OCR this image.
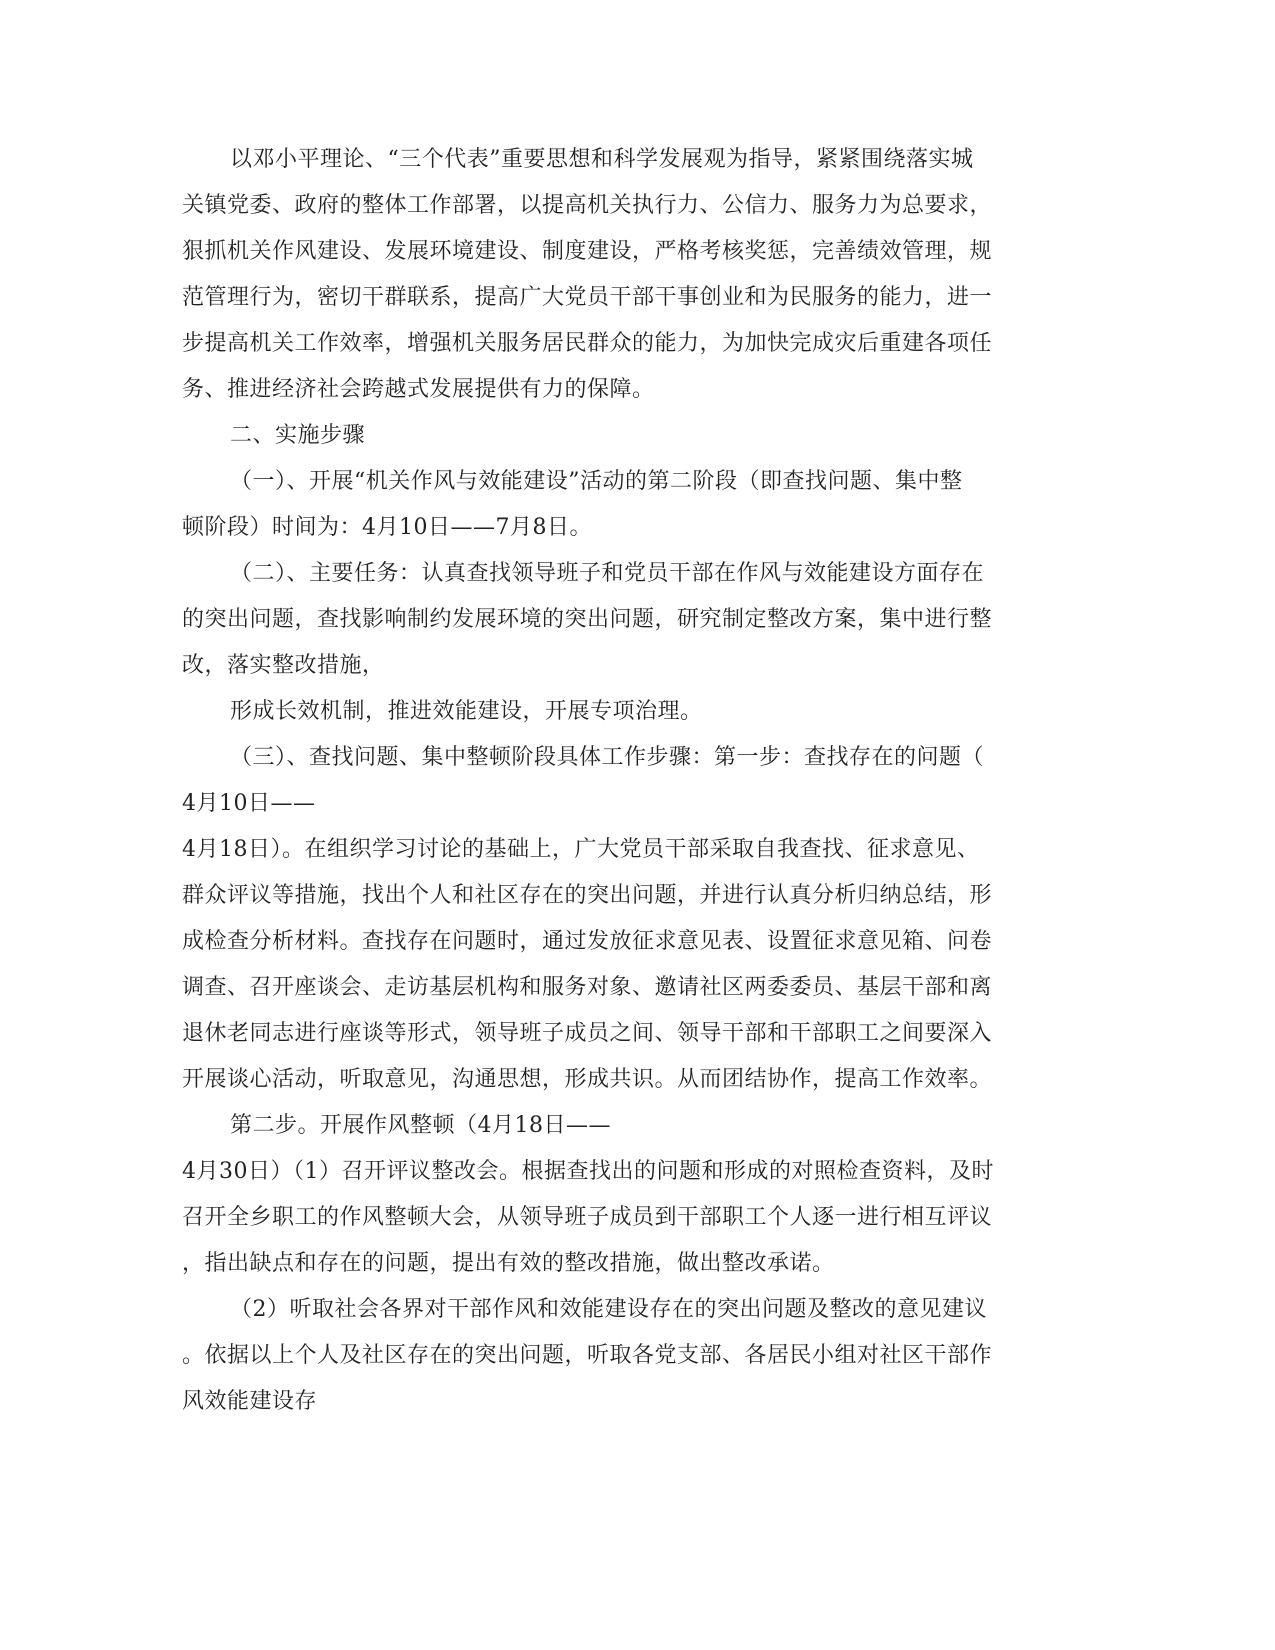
以邓小平理论、“三个代表”重要思想和科学发展观为指导，紧紧围绕落实城
关镇党委、政府的整体工作部署，以提高机关执行力、公信力、服务力为总要求，
狠抓机关作风建设、发展环境建设、制度建设，严格考核奖惩，完善绩效管理，规
范管理行为，密切干群联系，提高广大党员干部干事创业和为民服务的能力，进一
步提高机关工作效率，增强机关服务居民群众的能力，为加快完成灾后重建各项任
务、推进经济社会跨越式发展提供有力的保障。
二、实施步骤
（一）、开展“机关作风与效能建设”活动的第二阶段（即查找问题、集中整
顿阶段）时间为：4月10日——7月8日。
（二）、主要任务：认真查找领导班子和党员干部在作风与效能建设方面存在
的突出问题，查找影响制约发展环境的突出问题，研究制定整改方案，集中进行整
改，落实整改措施，
形成长效机制，推进效能建设，开展专项治理。
（三）、查找问题、集中整顿阶段具体工作步骤：第一步：查找存在的问题（
4月10日——
4月18日）。在组织学习讨论的基础上，广大党员干部采取自我查找、征求意见、
群众评议等措施，找出个人和社区存在的突出问题，并进行认真分析归纳总结，形
成检查分析材料。查找存在问题时，通过发放征求意见表、设置征求意见箱、问卷
调查、召开座谈会、走访基层机构和服务对象、邀请社区两委委员、基层干部和离
退休老同志进行座谈等形式，领导班子成员之间、领导干部和干部职工之间要深入
开展谈心活动，听取意见，沟通思想，形成共识。从而团结协作，提高工作效率。
第二步。开展作风整顿（4月18日——
4月30日）（1）召开评议整改会。根据查找出的问题和形成的对照检查资料，及时
召开全乡职工的作风整顿大会，从领导班子成员到干部职工个人逐一进行相互评议
，指出缺点和存在的问题，提出有效的整改措施，做出整改承诺。
（2）听取社会各界对干部作风和效能建设存在的突出问题及整改的意见建议
。依据以上个人及社区存在的突出问题，听取各党支部、各居民小组对社区干部作
风效能建设存
